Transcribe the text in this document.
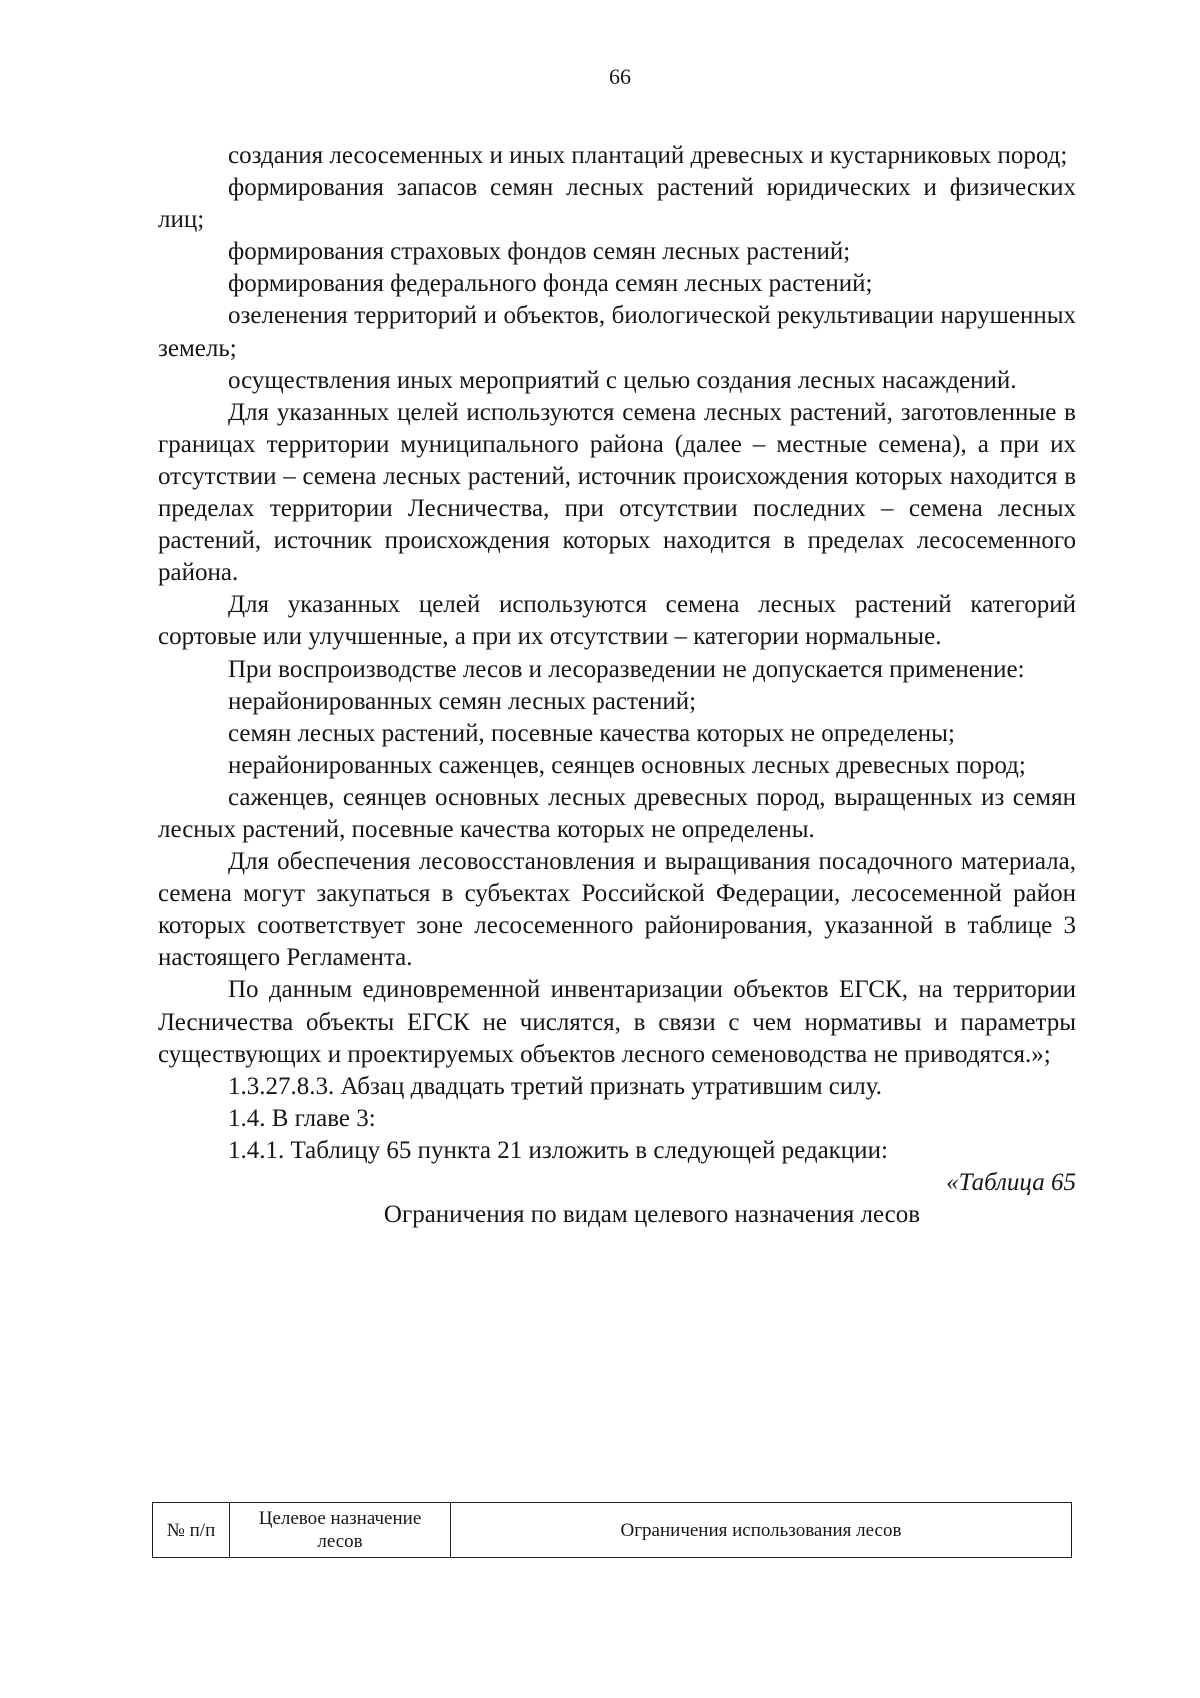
66

создания лесосеменных и иных плантаций древесных и кустарниковых пород;

формирования запасов семян лесных растений юридических и физических лиц;

формирования страховых фондов семян лесных растений;

формирования федерального фонда семян лесных растений;

озеленения территорий и объектов, биологической рекультивации нарушенных земель;

осуществления иных мероприятий с целью создания лесных насаждений.

Для указанных целей используются семена лесных растений, заготовленные в границах территории муниципального района (далее – местные семена), а при их отсутствии – семена лесных растений, источник происхождения которых находится в пределах территории Лесничества, при отсутствии последних – семена лесных растений, источник происхождения которых находится в пределах лесосеменного района.

Для указанных целей используются семена лесных растений категорий сортовые или улучшенные, а при их отсутствии – категории нормальные.

При воспроизводстве лесов и лесоразведении не допускается применение:

нерайонированных семян лесных растений;

семян лесных растений, посевные качества которых не определены;

нерайонированных саженцев, сеянцев основных лесных древесных пород;

саженцев, сеянцев основных лесных древесных пород, выращенных из семян лесных растений, посевные качества которых не определены.

Для обеспечения лесовосстановления и выращивания посадочного материала, семена могут закупаться в субъектах Российской Федерации, лесосеменной район которых соответствует зоне лесосеменного районирования, указанной в таблице 3 настоящего Регламента.

По данным единовременной инвентаризации объектов ЕГСК, на территории Лесничества объекты ЕГСК не числятся, в связи с чем нормативы и параметры существующих и проектируемых объектов лесного семеноводства не приводятся.»;

1.3.27.8.3. Абзац двадцать третий признать утратившим силу.

1.4. В главе 3:

1.4.1. Таблицу 65 пункта 21 изложить в следующей редакции:

«Таблица 65

Ограничения по видам целевого назначения лесов

№ п/п	Целевое назначение лесов	Ограничения использования лесов
